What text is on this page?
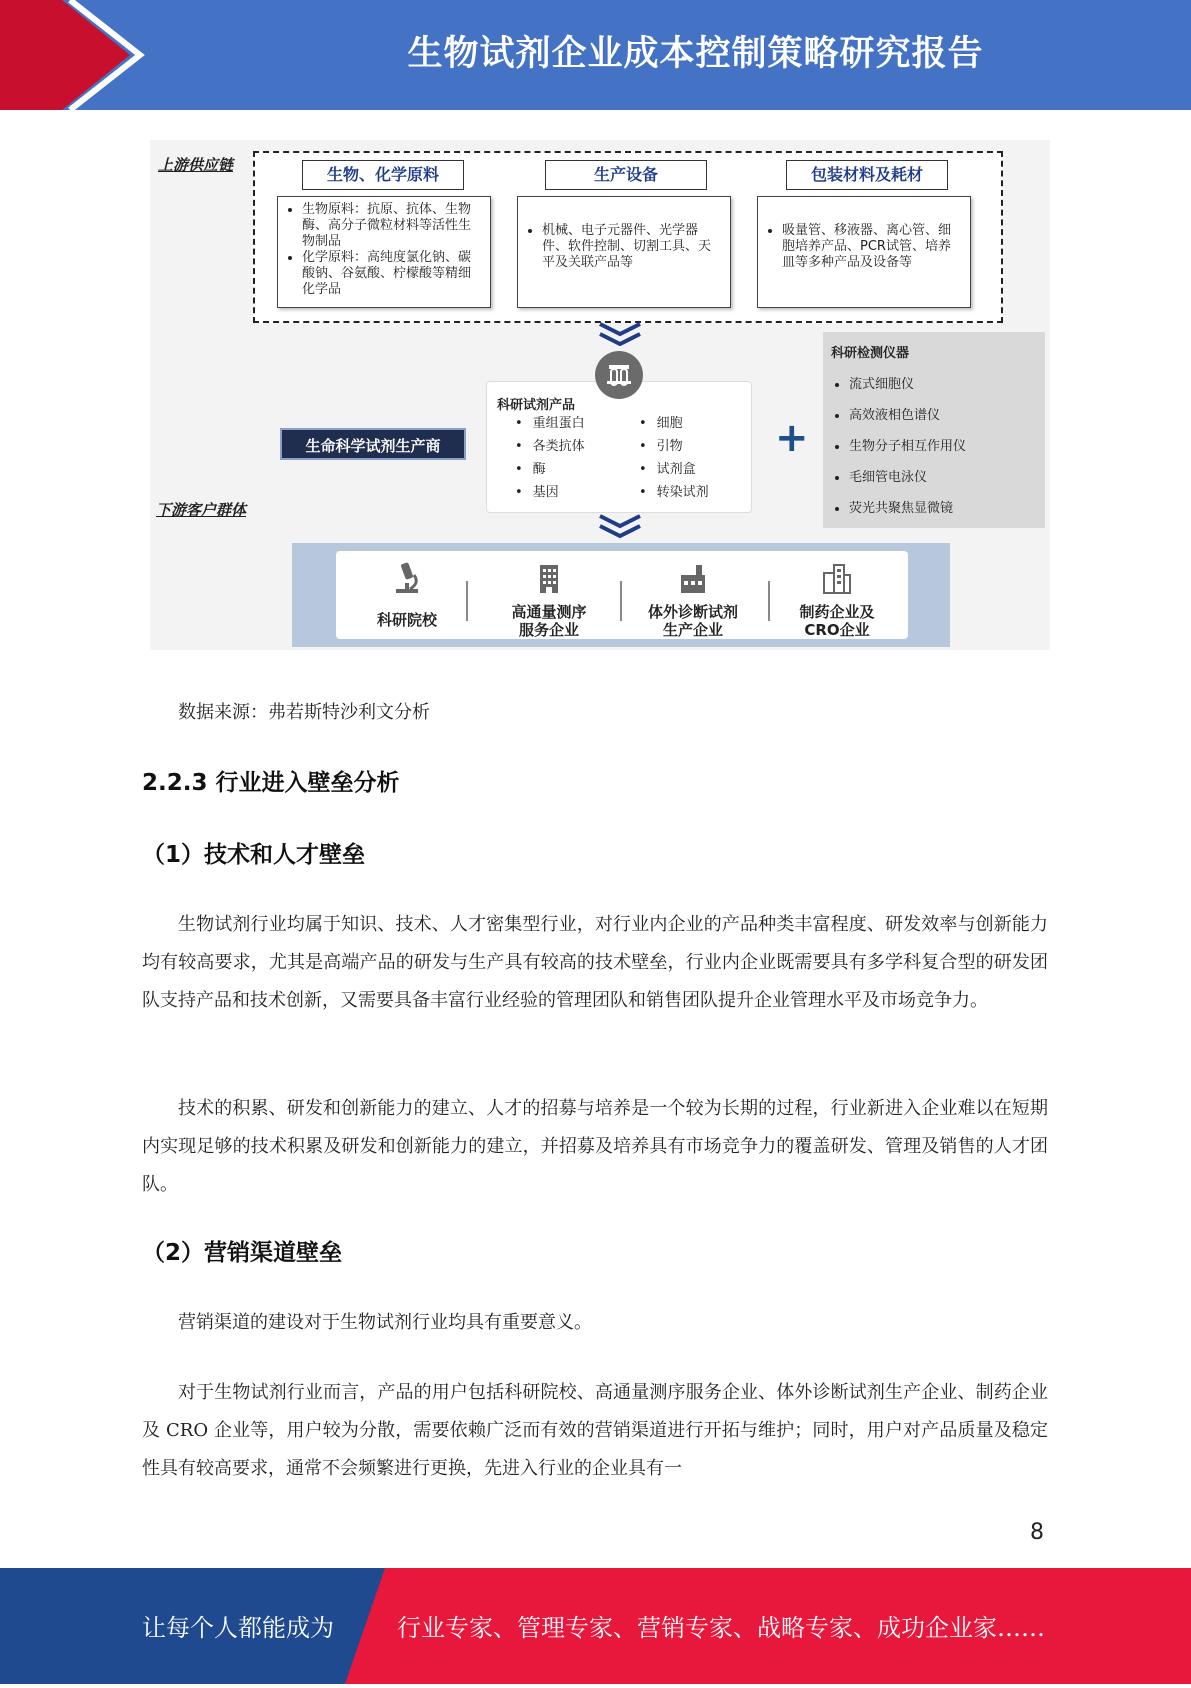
生物试剂企业成本控制策略研究报告
上游供应链
下游客户群体
生物、化学原料	生产设备	包装材料及耗材
• 生物原料：抗原、抗体、生物酶、高分子微粒材料等活性生物制品
• 化学原料：高纯度氯化钠、碳酸钠、谷氨酸、柠檬酸等精细化学品
• 机械、电子元器件、光学器件、软件控制、切割工具、天平及关联产品等
• 吸量管、移液器、离心管、细胞培养产品、PCR试管、培养皿等多种产品及设备等
科研试剂产品
• 重组蛋白
• 各类抗体
• 酶
• 基因
• 细胞
• 引物
• 试剂盒
• 转染试剂
生命科学试剂生产商	+
科研检测仪器
• 流式细胞仪
• 高效液相色谱仪
• 生物分子相互作用仪
• 毛细管电泳仪
• 荧光共聚焦显微镜
科研院校	高通量测序
服务企业
体外诊断试剂
生产企业
制药企业及
CRO企业
数据来源：弗若斯特沙利文分析
2.2.3 行业进入壁垒分析
（1）技术和人才壁垒
生物试剂行业均属于知识、技术、人才密集型行业，对行业内企业的产品种类丰富程度、研发效率与创新能力均有较高要求，尤其是高端产品的研发与生产具有较高的技术壁垒，行业内企业既需要具有多学科复合型的研发团队支持产品和技术创新，又需要具备丰富行业经验的管理团队和销售团队提升企业管理水平及市场竞争力。
技术的积累、研发和创新能力的建立、人才的招募与培养是一个较为长期的过程，行业新进入企业难以在短期内实现足够的技术积累及研发和创新能力的建立，并招募及培养具有市场竞争力的覆盖研发、管理及销售的人才团队。
（2）营销渠道壁垒
营销渠道的建设对于生物试剂行业均具有重要意义。
对于生物试剂行业而言，产品的用户包括科研院校、高通量测序服务企业、体外诊断试剂生产企业、制药企业及 CRO 企业等，用户较为分散，需要依赖广泛而有效的营销渠道进行开拓与维护；同时，用户对产品质量及稳定性具有较高要求，通常不会频繁进行更换，先进入行业的企业具有一
8
让每个人都能成为	行业专家、管理专家、营销专家、战略专家、成功企业家……
